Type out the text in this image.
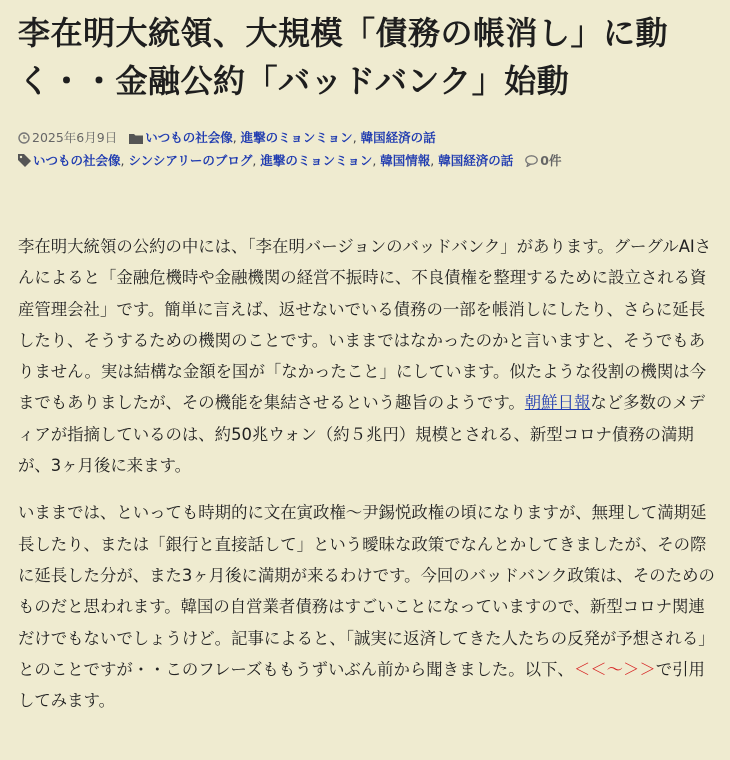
李在明大統領、大規模「債務の帳消し」に動
く・・金融公約「バッドバンク」始動
2025年6月9日 いつもの社会像, 進撃のミョンミョン, 韓国経済の話
いつもの社会像, シンシアリーのブログ, 進撃のミョンミョン, 韓国情報, 韓国経済の話 0件

李在明大統領の公約の中には、「李在明バージョンのバッドバンク」があります。グーグルAIさんによると「金融危機時や金融機関の経営不振時に、不良債権を整理するために設立される資産管理会社」です。簡単に言えば、返せないでいる債務の一部を帳消しにしたり、さらに延長したり、そうするための機関のことです。いままではなかったのかと言いますと、そうでもありません。実は結構な金額を国が「なかったこと」にしています。似たような役割の機関は今までもありましたが、その機能を集結させるという趣旨のようです。朝鮮日報など多数のメディアが指摘しているのは、約50兆ウォン（約５兆円）規模とされる、新型コロナ債務の満期が、3ヶ月後に来ます。

いままでは、といっても時期的に文在寅政権〜尹錫悦政権の頃になりますが、無理して満期延長したり、または「銀行と直接話して」という曖昧な政策でなんとかしてきましたが、その際に延長した分が、また3ヶ月後に満期が来るわけです。今回のバッドバンク政策は、そのためのものだと思われます。韓国の自営業者債務はすごいことになっていますので、新型コロナ関連だけでもないでしょうけど。記事によると、「誠実に返済してきた人たちの反発が予想される」とのことですが・・このフレーズももうずいぶん前から聞きました。以下、＜＜〜＞＞で引用してみます。
